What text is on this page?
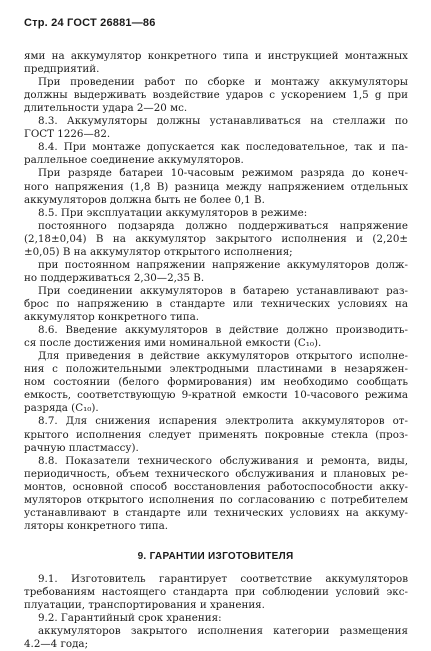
Стр. 24 ГОСТ 26881—86
ями на аккумулятор конкретного типа и инструкцией монтажных
предприятий.
При проведении работ по сборке и монтажу аккумуляторы
должны выдерживать воздействие ударов с ускорением 1,5 g при
длительности удара 2—20 мс.
8.3. Аккумуляторы должны устанавливаться на стеллажи по
ГОСТ 1226—82.
8.4. При монтаже допускается как последовательное, так и па-
раллельное соединение аккумуляторов.
При разряде батареи 10-часовым режимом разряда до конеч-
ного напряжения (1,8 В) разница между напряжением отдельных
аккумуляторов должна быть не более 0,1 В.
8.5. При эксплуатации аккумуляторов в режиме:
постоянного подзаряда должно поддерживаться напряжение
(2,18±0,04) В на аккумулятор закрытого исполнения и (2,20±
±0,05) В на аккумулятор открытого исполнения;
при постоянном напряжении напряжение аккумуляторов долж-
но поддерживаться 2,30—2,35 В.
При соединении аккумуляторов в батарею устанавливают раз-
брос по напряжению в стандарте или технических условиях на
аккумулятор конкретного типа.
8.6. Введение аккумуляторов в действие должно производить-
ся после достижения ими номинальной емкости (C₁₀).
Для приведения в действие аккумуляторов открытого исполне-
ния с положительными электродными пластинами в незаряжен-
ном состоянии (белого формирования) им необходимо сообщать
емкость, соответствующую 9-кратной емкости 10-часового режима
разряда (C₁₀).
8.7. Для снижения испарения электролита аккумуляторов от-
крытого исполнения следует применять покровные стекла (проз-
рачную пластмассу).
8.8. Показатели технического обслуживания и ремонта, виды,
периодичность, объем технического обслуживания и плановых ре-
монтов, основной способ восстановления работоспособности акку-
муляторов открытого исполнения по согласованию с потребителем
устанавливают в стандарте или технических условиях на аккуму-
ляторы конкретного типа.
9. ГАРАНТИИ ИЗГОТОВИТЕЛЯ
9.1. Изготовитель гарантирует соответствие аккумуляторов
требованиям настоящего стандарта при соблюдении условий экс-
плуатации, транспортирования и хранения.
9.2. Гарантийный срок хранения:
аккумуляторов закрытого исполнения категории размещения
4.2—4 года;
